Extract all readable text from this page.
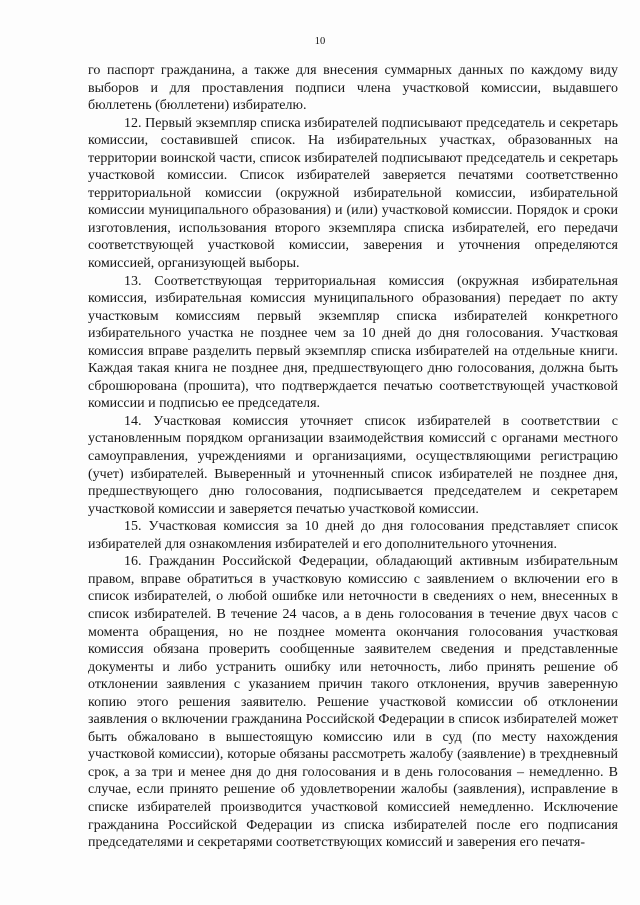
10

го паспорт гражданина, а также для внесения суммарных данных по каждому виду выборов и для проставления подписи члена участковой комиссии, выдавшего бюллетень (бюллетени) избирателю.

12. Первый экземпляр списка избирателей подписывают председатель и секретарь комиссии, составившей список. На избирательных участках, образованных на территории воинской части, список избирателей подписывают председатель и секретарь участковой комиссии. Список избирателей заверяется печатями соответственно территориальной комиссии (окружной избирательной комиссии, избирательной комиссии муниципального образования) и (или) участковой комиссии. Порядок и сроки изготовления, использования второго экземпляра списка избирателей, его передачи соответствующей участковой комиссии, заверения и уточнения определяются комиссией, организующей выборы.

13. Соответствующая территориальная комиссия (окружная избирательная комиссия, избирательная комиссия муниципального образования) передает по акту участковым комиссиям первый экземпляр списка избирателей конкретного избирательного участка не позднее чем за 10 дней до дня голосования. Участковая комиссия вправе разделить первый экземпляр списка избирателей на отдельные книги. Каждая такая книга не позднее дня, предшествующего дню голосования, должна быть сброшюрована (прошита), что подтверждается печатью соответствующей участковой комиссии и подписью ее председателя.

14. Участковая комиссия уточняет список избирателей в соответствии с установленным порядком организации взаимодействия комиссий с органами местного самоуправления, учреждениями и организациями, осуществляющими регистрацию (учет) избирателей. Выверенный и уточненный список избирателей не позднее дня, предшествующего дню голосования, подписывается председателем и секретарем участковой комиссии и заверяется печатью участковой комиссии.

15. Участковая комиссия за 10 дней до дня голосования представляет список избирателей для ознакомления избирателей и его дополнительного уточнения.

16. Гражданин Российской Федерации, обладающий активным избирательным правом, вправе обратиться в участковую комиссию с заявлением о включении его в список избирателей, о любой ошибке или неточности в сведениях о нем, внесенных в список избирателей. В течение 24 часов, а в день голосования в течение двух часов с момента обращения, но не позднее момента окончания голосования участковая комиссия обязана проверить сообщенные заявителем сведения и представленные документы и либо устранить ошибку или неточность, либо принять решение об отклонении заявления с указанием причин такого отклонения, вручив заверенную копию этого решения заявителю. Решение участковой комиссии об отклонении заявления о включении гражданина Российской Федерации в список избирателей может быть обжаловано в вышестоящую комиссию или в суд (по месту нахождения участковой комиссии), которые обязаны рассмотреть жалобу (заявление) в трехдневный срок, а за три и менее дня до дня голосования и в день голосования – немедленно. В случае, если принято решение об удовлетворении жалобы (заявления), исправление в списке избирателей производится участковой комиссией немедленно. Исключение гражданина Российской Федерации из списка избирателей после его подписания председателями и секретарями соответствующих комиссий и заверения его печатя-
